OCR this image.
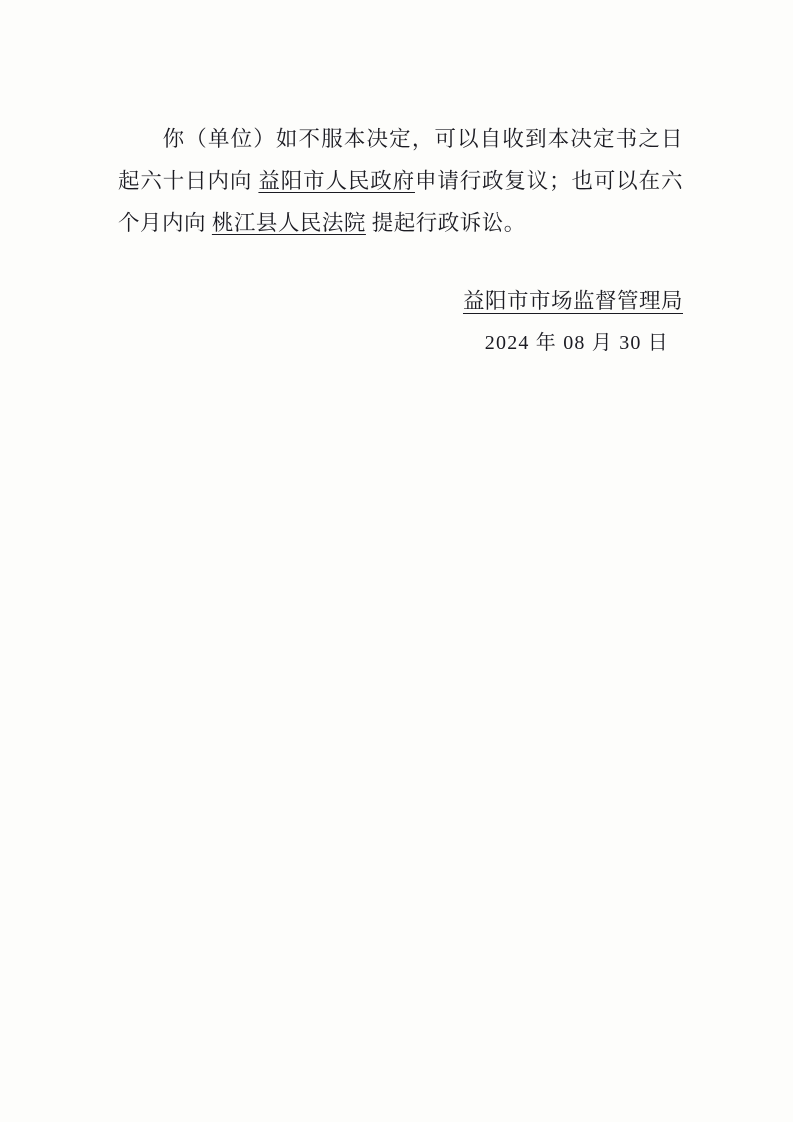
你（单位）如不服本决定，可以自收到本决定书之日起六十日内向 益阳市人民政府申请行政复议；也可以在六个月内向 桃江县人民法院 提起行政诉讼。

益阳市市场监督管理局
2024 年 08 月 30 日
